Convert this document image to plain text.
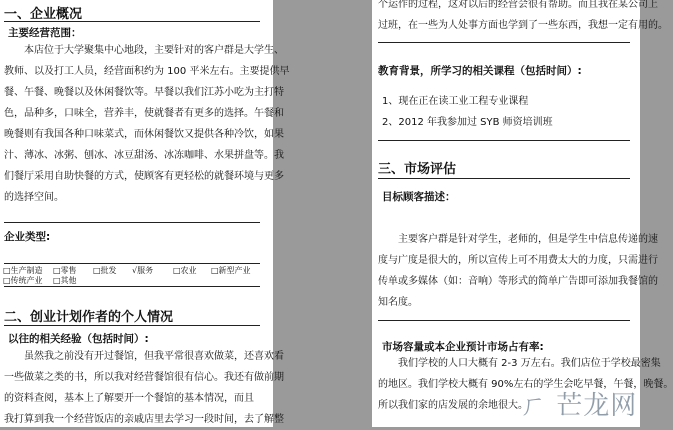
一、企业概况
主要经营范围：
本店位于大学聚集中心地段，主要针对的客户群是大学生、
教师、以及打工人员，经营面积约为 100 平米左右。主要提供早
餐、午餐、晚餐以及休闲餐饮等。早餐以我们江苏小吃为主打特
色，品种多，口味全，营养丰，使就餐者有更多的选择。午餐和
晚餐则有我国各种口味菜式，而休闲餐饮又提供各种冷饮，如果
汁、薄冰、冰粥、刨冰、冰豆甜汤、冰冻咖啡、水果拼盘等。我
们餐厅采用自助快餐的方式，使顾客有更轻松的就餐环境与更多
的选择空间。
企业类型:
□生产制造 □零售 □批发 √服务 □农业 □新型产业
□传统产业 □其他
二、创业计划作者的个人情况
以往的相关经验（包括时间）:
虽然我之前没有开过餐馆，但我平常很喜欢做菜，还喜欢看
一些做菜之类的书，所以我对经营餐馆很有信心。我还有做前期
的资料查阅，基本上了解要开一个餐馆的基本情况，而且
我打算到我一个经营饭店的亲戚店里去学习一段时间，去了解整
个运作的过程，这对以后的经营会很有帮助。而且我在某公司上
过班，在一些为人处事方面也学到了一些东西，我想一定有用的。
教育背景，所学习的相关课程（包括时间）:
1、现在正在读工业工程专业课程
2、2012 年我参加过 SYB 师资培训班
三、市场评估
目标顾客描述：
主要客户群是针对学生，老师的，但是学生中信息传递的速
度与广度是很大的，所以宣传上可不用费太大的力度，只需进行
传单或多媒体（如：音响）等形式的简单广告即可添加我餐馆的
知名度。
市场容量或本企业预计市场占有率:
我们学校的人口大概有 2-3 万左右。我们店位于学校最密集
的地区。我们学校大概有 90%左右的学生会吃早餐，午餐，晚餐。
所以我们家的店发展的余地很大。
ㄏ 芒龙网
